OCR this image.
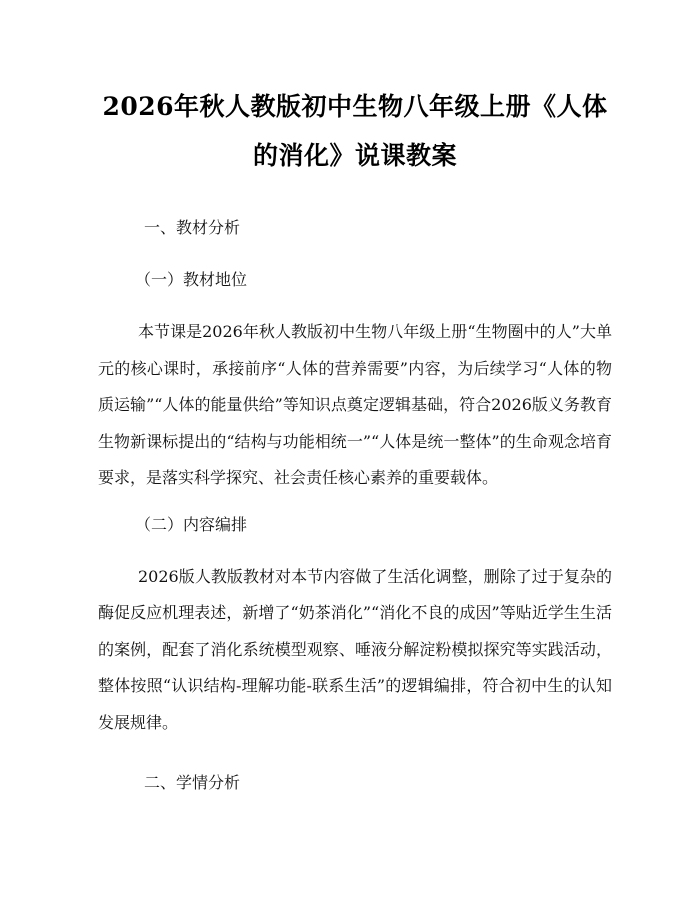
2026年秋人教版初中生物八年级上册《人体
的消化》说课教案
一、教材分析
（一）教材地位

本节课是2026年秋人教版初中生物八年级上册“生物圈中的人”大单元的核心课时，承接前序“人体的营养需要”内容，为后续学习“人体的物质运输”“人体的能量供给”等知识点奠定逻辑基础，符合2026版义务教育生物新课标提出的“结构与功能相统一”“人体是统一整体”的生命观念培育要求，是落实科学探究、社会责任核心素养的重要载体。

（二）内容编排

2026版人教版教材对本节内容做了生活化调整，删除了过于复杂的酶促反应机理表述，新增了“奶茶消化”“消化不良的成因”等贴近学生生活的案例，配套了消化系统模型观察、唾液分解淀粉模拟探究等实践活动，整体按照“认识结构-理解功能-联系生活”的逻辑编排，符合初中生的认知发展规律。

二、学情分析
